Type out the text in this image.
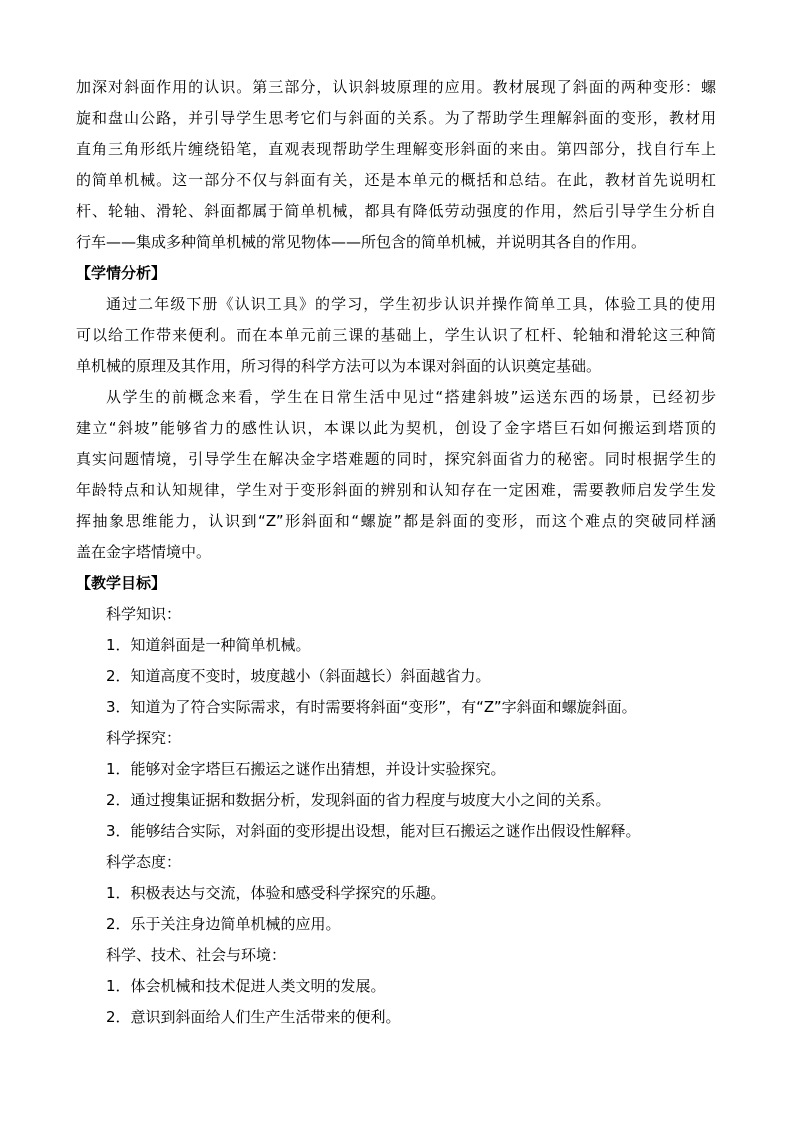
加深对斜面作用的认识。第三部分，认识斜坡原理的应用。教材展现了斜面的两种变形：螺
旋和盘山公路，并引导学生思考它们与斜面的关系。为了帮助学生理解斜面的变形，教材用
直角三角形纸片缠绕铅笔，直观表现帮助学生理解变形斜面的来由。第四部分，找自行车上
的简单机械。这一部分不仅与斜面有关，还是本单元的概括和总结。在此，教材首先说明杠
杆、轮轴、滑轮、斜面都属于简单机械，都具有降低劳动强度的作用，然后引导学生分析自
行车——集成多种简单机械的常见物体——所包含的简单机械，并说明其各自的作用。
【学情分析】
通过二年级下册《认识工具》的学习，学生初步认识并操作简单工具，体验工具的使用
可以给工作带来便利。而在本单元前三课的基础上，学生认识了杠杆、轮轴和滑轮这三种简
单机械的原理及其作用，所习得的科学方法可以为本课对斜面的认识奠定基础。
从学生的前概念来看，学生在日常生活中见过“搭建斜坡”运送东西的场景，已经初步
建立“斜坡”能够省力的感性认识，本课以此为契机，创设了金字塔巨石如何搬运到塔顶的
真实问题情境，引导学生在解决金字塔难题的同时，探究斜面省力的秘密。同时根据学生的
年龄特点和认知规律，学生对于变形斜面的辨别和认知存在一定困难，需要教师启发学生发
挥抽象思维能力，认识到“Z”形斜面和“螺旋”都是斜面的变形，而这个难点的突破同样涵
盖在金字塔情境中。
【教学目标】
科学知识：
1．知道斜面是一种简单机械。
2．知道高度不变时，坡度越小（斜面越长）斜面越省力。
3．知道为了符合实际需求，有时需要将斜面“变形”，有“Z”字斜面和螺旋斜面。
科学探究：
1．能够对金字塔巨石搬运之谜作出猜想，并设计实验探究。
2．通过搜集证据和数据分析，发现斜面的省力程度与坡度大小之间的关系。
3．能够结合实际，对斜面的变形提出设想，能对巨石搬运之谜作出假设性解释。
科学态度：
1．积极表达与交流，体验和感受科学探究的乐趣。
2．乐于关注身边简单机械的应用。
科学、技术、社会与环境：
1．体会机械和技术促进人类文明的发展。
2．意识到斜面给人们生产生活带来的便利。
